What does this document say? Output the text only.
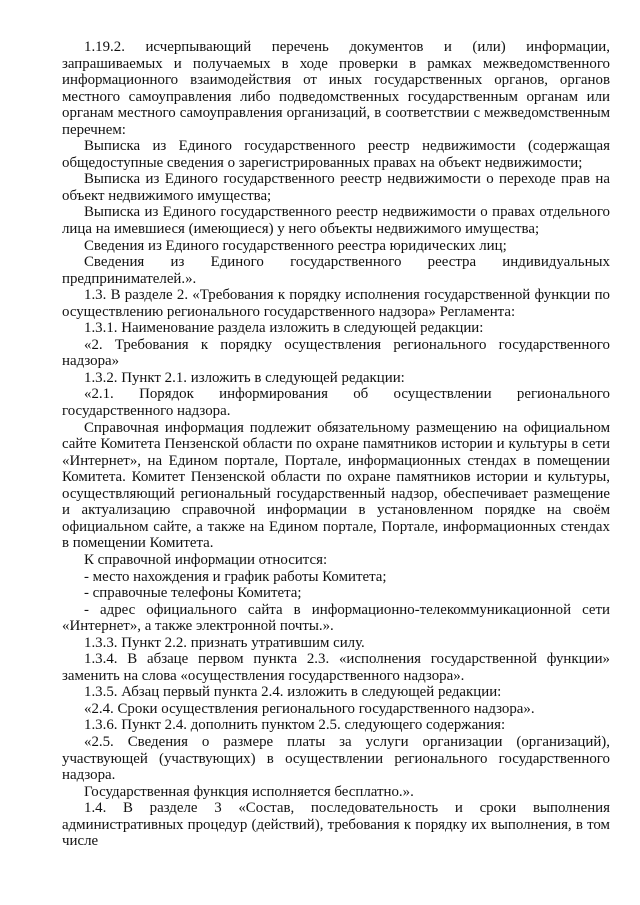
1.19.2. исчерпывающий перечень документов и (или) информации, запрашиваемых и получаемых в ходе проверки в рамках межведомственного информационного взаимодействия от иных государственных органов, органов местного самоуправления либо подведомственных государственным органам или органам местного самоуправления организаций, в соответствии с межведомственным перечнем:

Выписка из Единого государственного реестр недвижимости (содержащая общедоступные сведения о зарегистрированных правах на объект недвижимости;

Выписка из Единого государственного реестр недвижимости о переходе прав на объект недвижимого имущества;

Выписка из Единого государственного реестр недвижимости о правах отдельного лица на имевшиеся (имеющиеся) у него объекты недвижимого имущества;

Сведения из Единого государственного реестра юридических лиц;

Сведения из Единого государственного реестра индивидуальных предпринимателей.».

1.3. В разделе 2. «Требования к порядку исполнения государственной функции по осуществлению регионального государственного надзора» Регламента:

1.3.1. Наименование раздела изложить в следующей редакции:

«2. Требования к порядку осуществления регионального государственного надзора»

1.3.2. Пункт 2.1. изложить в следующей редакции:

«2.1. Порядок информирования об осуществлении регионального государственного надзора.

Справочная информация подлежит обязательному размещению на официальном сайте Комитета Пензенской области по охране памятников истории и культуры в сети «Интернет», на Едином портале, Портале, информационных стендах в помещении Комитета. Комитет Пензенской области по охране памятников истории и культуры, осуществляющий региональный государственный надзор, обеспечивает размещение и актуализацию справочной информации в установленном порядке на своём официальном сайте, а также на Едином портале, Портале, информационных стендах в помещении Комитета.

К справочной информации относится:

- место нахождения и график работы Комитета;

- справочные телефоны Комитета;

- адрес официального сайта в информационно-телекоммуникационной сети «Интернет», а также электронной почты.».

1.3.3. Пункт 2.2. признать утратившим силу.

1.3.4. В абзаце первом пункта 2.3. «исполнения государственной функции» заменить на слова «осуществления государственного надзора».

1.3.5. Абзац первый пункта 2.4. изложить в следующей редакции:

«2.4. Сроки осуществления регионального государственного надзора».

1.3.6. Пункт 2.4. дополнить пунктом 2.5. следующего содержания:

«2.5. Сведения о размере платы за услуги организации (организаций), участвующей (участвующих) в осуществлении регионального государственного надзора.

Государственная функция исполняется бесплатно.».

1.4. В разделе 3 «Состав, последовательность и сроки выполнения административных процедур (действий), требования к порядку их выполнения, в том числе
